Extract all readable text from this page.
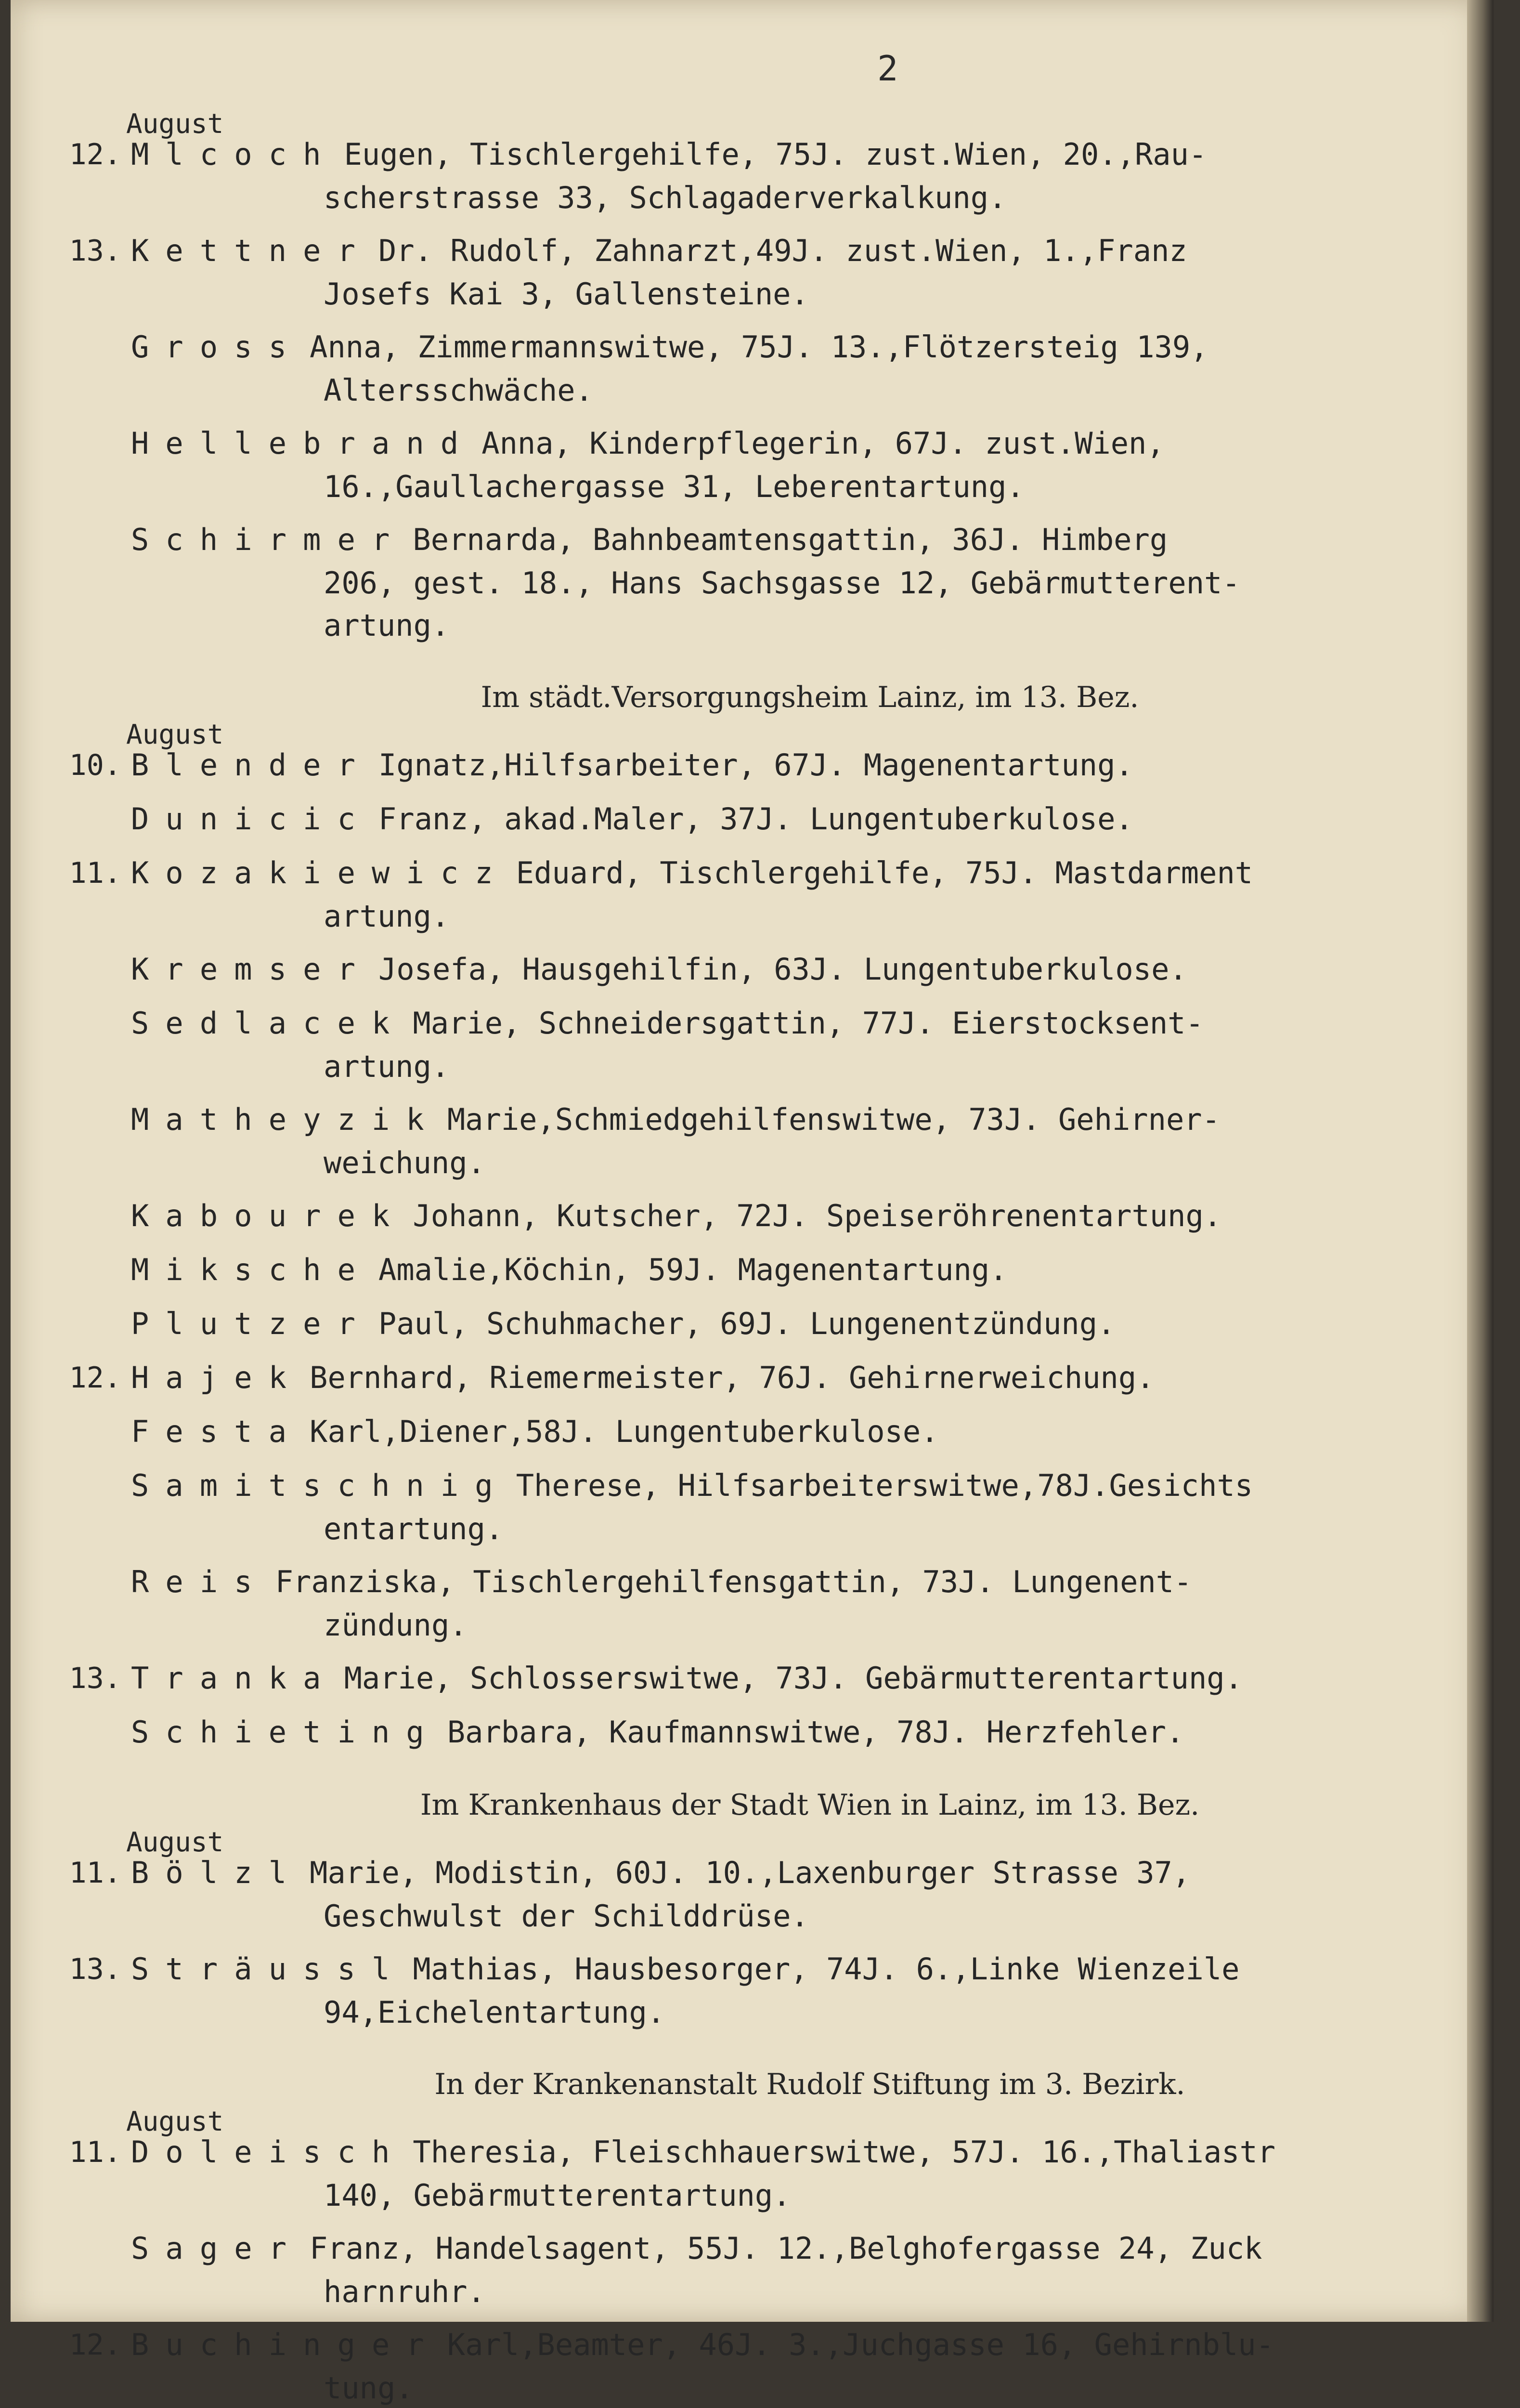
2
August
12. Mlcoch Eugen, Tischlergehilfe, 75J. zust.Wien, 20.,Rau-
scherstrasse 33, Schlagaderverkalkung.
13. Kettner Dr. Rudolf, Zahnarzt,49J. zust.Wien, 1.,Franz
Josefs Kai 3, Gallensteine.
Gross Anna, Zimmermannswitwe, 75J. 13.,Flötzersteig 139,
Altersschwäche.
Hellebrand Anna, Kinderpflegerin, 67J. zust.Wien,
16.,Gaullachergasse 31, Leberentartung.
Schirmer Bernarda, Bahnbeamtensgattin, 36J. Himberg
206, gest. 18., Hans Sachsgasse 12, Gebärmutterent-
artung.
Im städt.Versorgungsheim Lainz, im 13. Bez.
August
10. Blender Ignatz,Hilfsarbeiter, 67J. Magenentartung.
Dunicic Franz, akad.Maler, 37J. Lungentuberkulose.
11. Kozakiewicz Eduard, Tischlergehilfe, 75J. Mastdarment
artung.
Kremser Josefa, Hausgehilfin, 63J. Lungentuberkulose.
Sedlacek Marie, Schneidersgattin, 77J. Eierstocksent-
artung.
Matheyzik Marie,Schmiedgehilfenswitwe, 73J. Gehirner-
weichung.
Kabourek Johann, Kutscher, 72J. Speiseröhrenentartung.
Miksche Amalie,Köchin, 59J. Magenentartung.
Plutzer Paul, Schuhmacher, 69J. Lungenentzündung.
12. Hajek Bernhard, Riemermeister, 76J. Gehirnerweichung.
Festa Karl,Diener,58J. Lungentuberkulose.
Samitschnig Therese, Hilfsarbeiterswitwe,78J.Gesichts
entartung.
Reis Franziska, Tischlergehilfensgattin, 73J. Lungenent-
zündung.
13. Tranka Marie, Schlosserswitwe, 73J. Gebärmutterentartung.
Schieting Barbara, Kaufmannswitwe, 78J. Herzfehler.
Im Krankenhaus der Stadt Wien in Lainz, im 13. Bez.
August
11. Bölzl Marie, Modistin, 60J. 10.,Laxenburger Strasse 37,
Geschwulst der Schilddrüse.
13. Sträussl Mathias, Hausbesorger, 74J. 6.,Linke Wienzeile
94,Eichelentartung.
In der Krankenanstalt Rudolf Stiftung im 3. Bezirk.
August
11. Doleisch Theresia, Fleischhauerswitwe, 57J. 16.,Thaliastr
140, Gebärmutterentartung.
Sager Franz, Handelsagent, 55J. 12.,Belghofergasse 24, Zuck
harnruhr.
12. Buchinger Karl,Beamter, 46J. 3.,Juchgasse 16, Gehirnblu-
tung.
